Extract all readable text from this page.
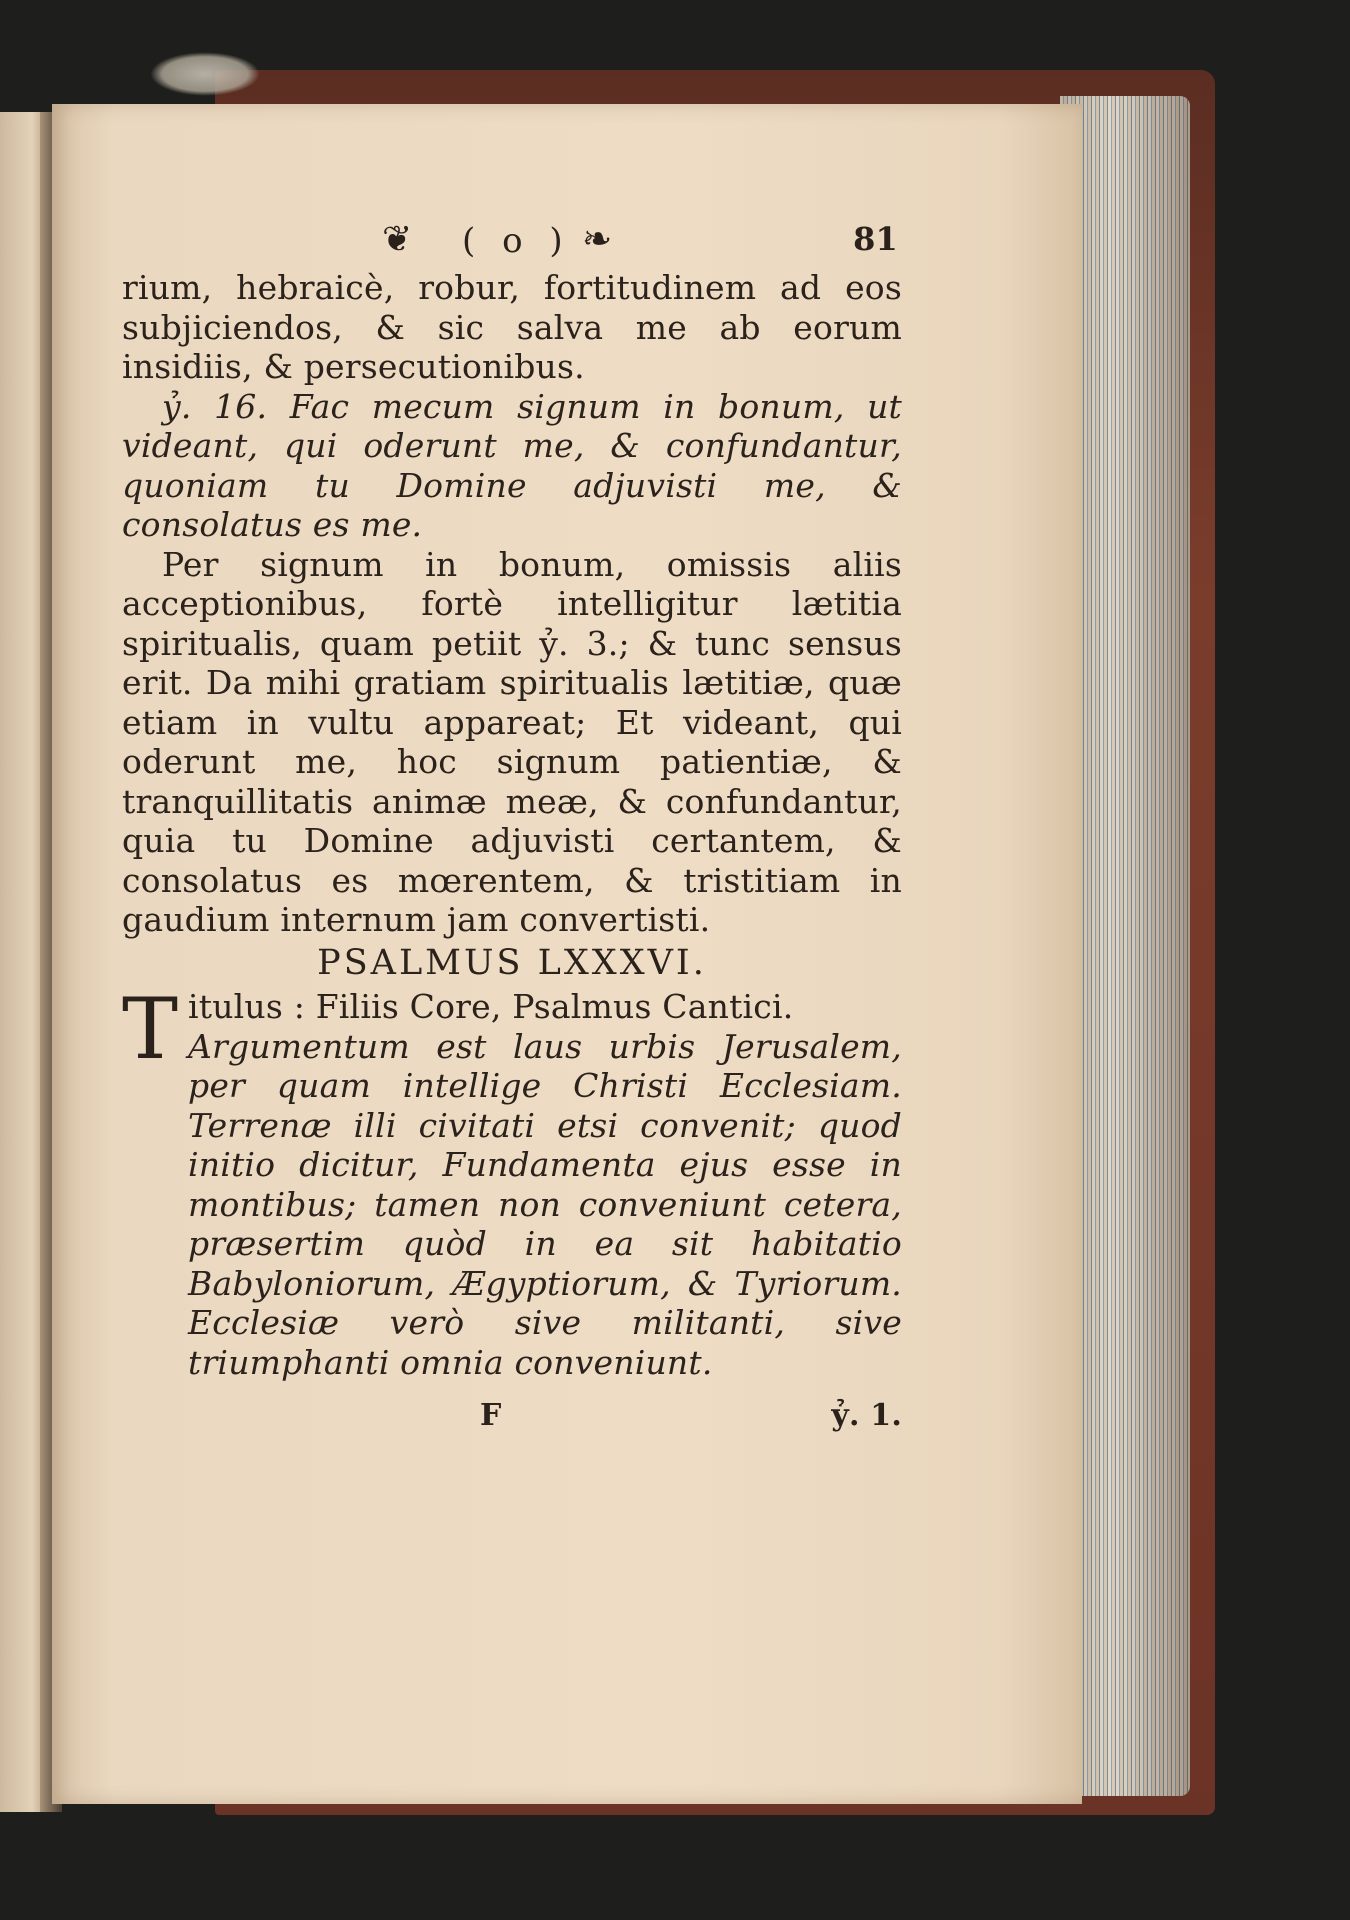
❦ ( o ) ❧	81

rium, hebraicè, robur, fortitudinem ad eos subjiciendos, & sic salva me ab eorum insidiis, & persecutionibus.

ỷ. 16. Fac mecum signum in bonum, ut videant, qui oderunt me, & confundantur, quoniam tu Domine adjuvisti me, & consolatus es me.

Per signum in bonum, omissis aliis acceptionibus, fortè intelligitur lætitia spiritualis, quam petiit ỷ. 3.; & tunc sensus erit. Da mihi gratiam spiritualis lætitiæ, quæ etiam in vultu appareat; Et videant, qui oderunt me, hoc signum patientiæ, & tranquillitatis animæ meæ, & confundantur, quia tu Domine adjuvisti certantem, & consolatus es mœrentem, & tristitiam in gaudium internum jam convertisti.

PSALMUS LXXXVI.
T itulus : Filiis Core, Psalmus Cantici.

Argumentum est laus urbis Jerusalem, per quam intellige Christi Ecclesiam. Terrenæ illi civitati etsi convenit; quod initio dicitur, Fundamenta ejus esse in montibus; tamen non conveniunt cetera, præsertim quòd in ea sit habitatio Babyloniorum, Ægyptiorum, & Tyriorum. Ecclesiæ verò sive militanti, sive triumphanti omnia conveniunt.

F	ỷ. 1.
